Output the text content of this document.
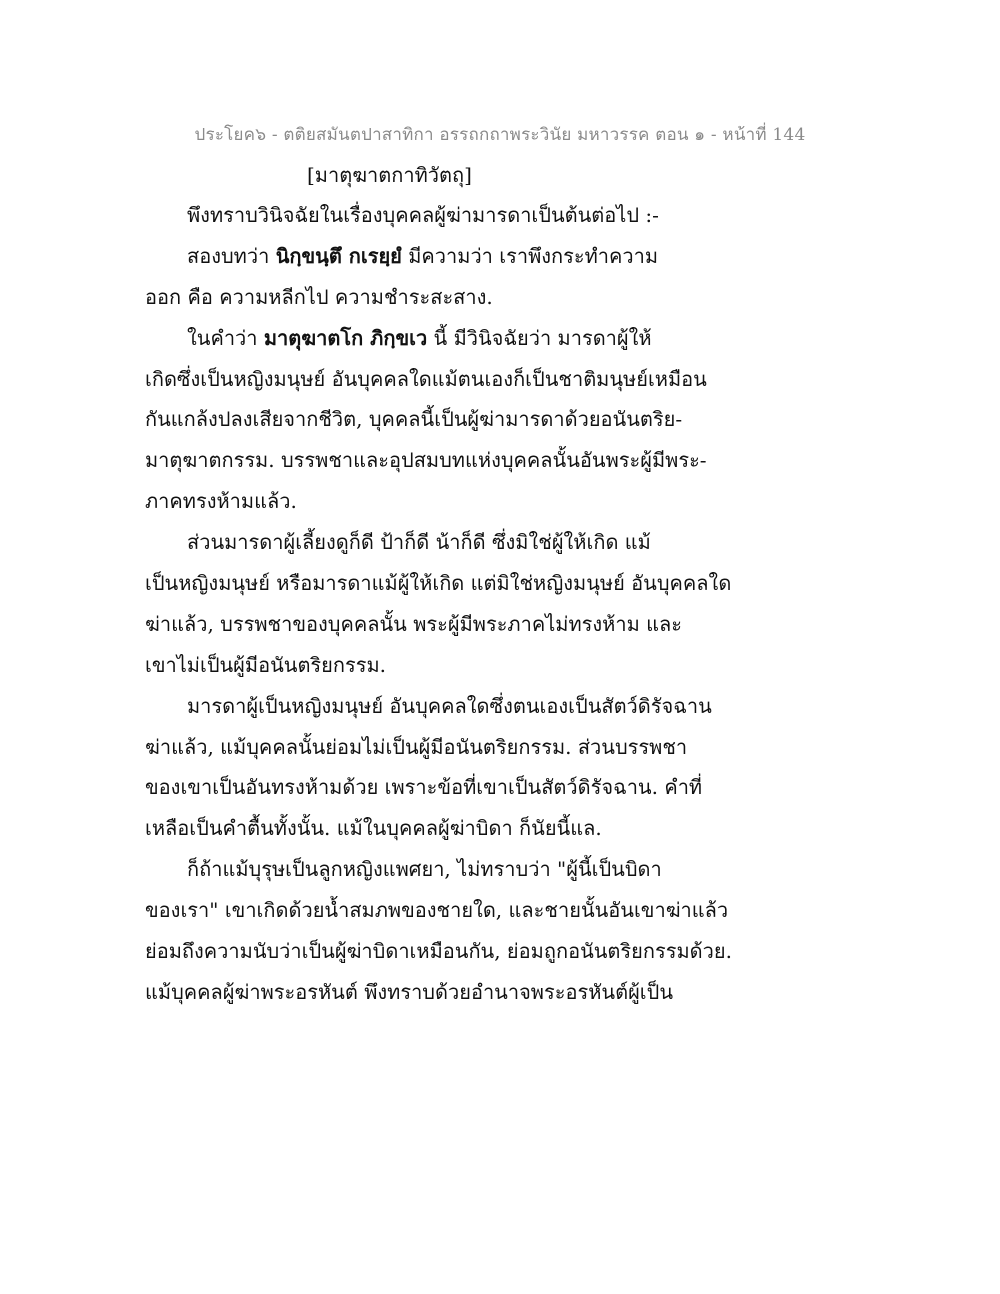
ประโยค๖ - ตติยสมันตปาสาทิกา อรรถกถาพระวินัย มหาวรรค ตอน ๑ - หน้าที่ 144
[มาตุฆาตกาทิวัตถุ]
พึงทราบวินิจฉัยในเรื่องบุคคลผู้ฆ่ามารดาเป็นต้นต่อไป :-
สองบทว่า นิกฺขนฺตึ กเรยฺยํ มีความว่า เราพึงกระทำความ
ออก คือ ความหลีกไป ความชำระสะสาง.
ในคำว่า มาตุฆาตโก ภิกฺขเว นี้ มีวินิจฉัยว่า มารดาผู้ให้
เกิดซึ่งเป็นหญิงมนุษย์ อันบุคคลใดแม้ตนเองก็เป็นชาติมนุษย์เหมือน
กันแกล้งปลงเสียจากชีวิต, บุคคลนี้เป็นผู้ฆ่ามารดาด้วยอนันตริย-
มาตุฆาตกรรม. บรรพชาและอุปสมบทแห่งบุคคลนั้นอันพระผู้มีพระ-
ภาคทรงห้ามแล้ว.
ส่วนมารดาผู้เลี้ยงดูก็ดี ป้าก็ดี น้าก็ดี ซึ่งมิใช่ผู้ให้เกิด แม้
เป็นหญิงมนุษย์ หรือมารดาแม้ผู้ให้เกิด แต่มิใช่หญิงมนุษย์ อันบุคคลใด
ฆ่าแล้ว, บรรพชาของบุคคลนั้น พระผู้มีพระภาคไม่ทรงห้าม และ
เขาไม่เป็นผู้มีอนันตริยกรรม.
มารดาผู้เป็นหญิงมนุษย์ อันบุคคลใดซึ่งตนเองเป็นสัตว์ดิรัจฉาน
ฆ่าแล้ว, แม้บุคคลนั้นย่อมไม่เป็นผู้มีอนันตริยกรรม. ส่วนบรรพชา
ของเขาเป็นอันทรงห้ามด้วย เพราะข้อที่เขาเป็นสัตว์ดิรัจฉาน. คำที่
เหลือเป็นคำตื้นทั้งนั้น. แม้ในบุคคลผู้ฆ่าบิดา ก็นัยนี้แล.
ก็ถ้าแม้บุรุษเป็นลูกหญิงแพศยา, ไม่ทราบว่า "ผู้นี้เป็นบิดา
ของเรา" เขาเกิดด้วยน้ำสมภพของชายใด, และชายนั้นอันเขาฆ่าแล้ว
ย่อมถึงความนับว่าเป็นผู้ฆ่าบิดาเหมือนกัน, ย่อมถูกอนันตริยกรรมด้วย.
แม้บุคคลผู้ฆ่าพระอรหันต์ พึงทราบด้วยอำนาจพระอรหันต์ผู้เป็น
